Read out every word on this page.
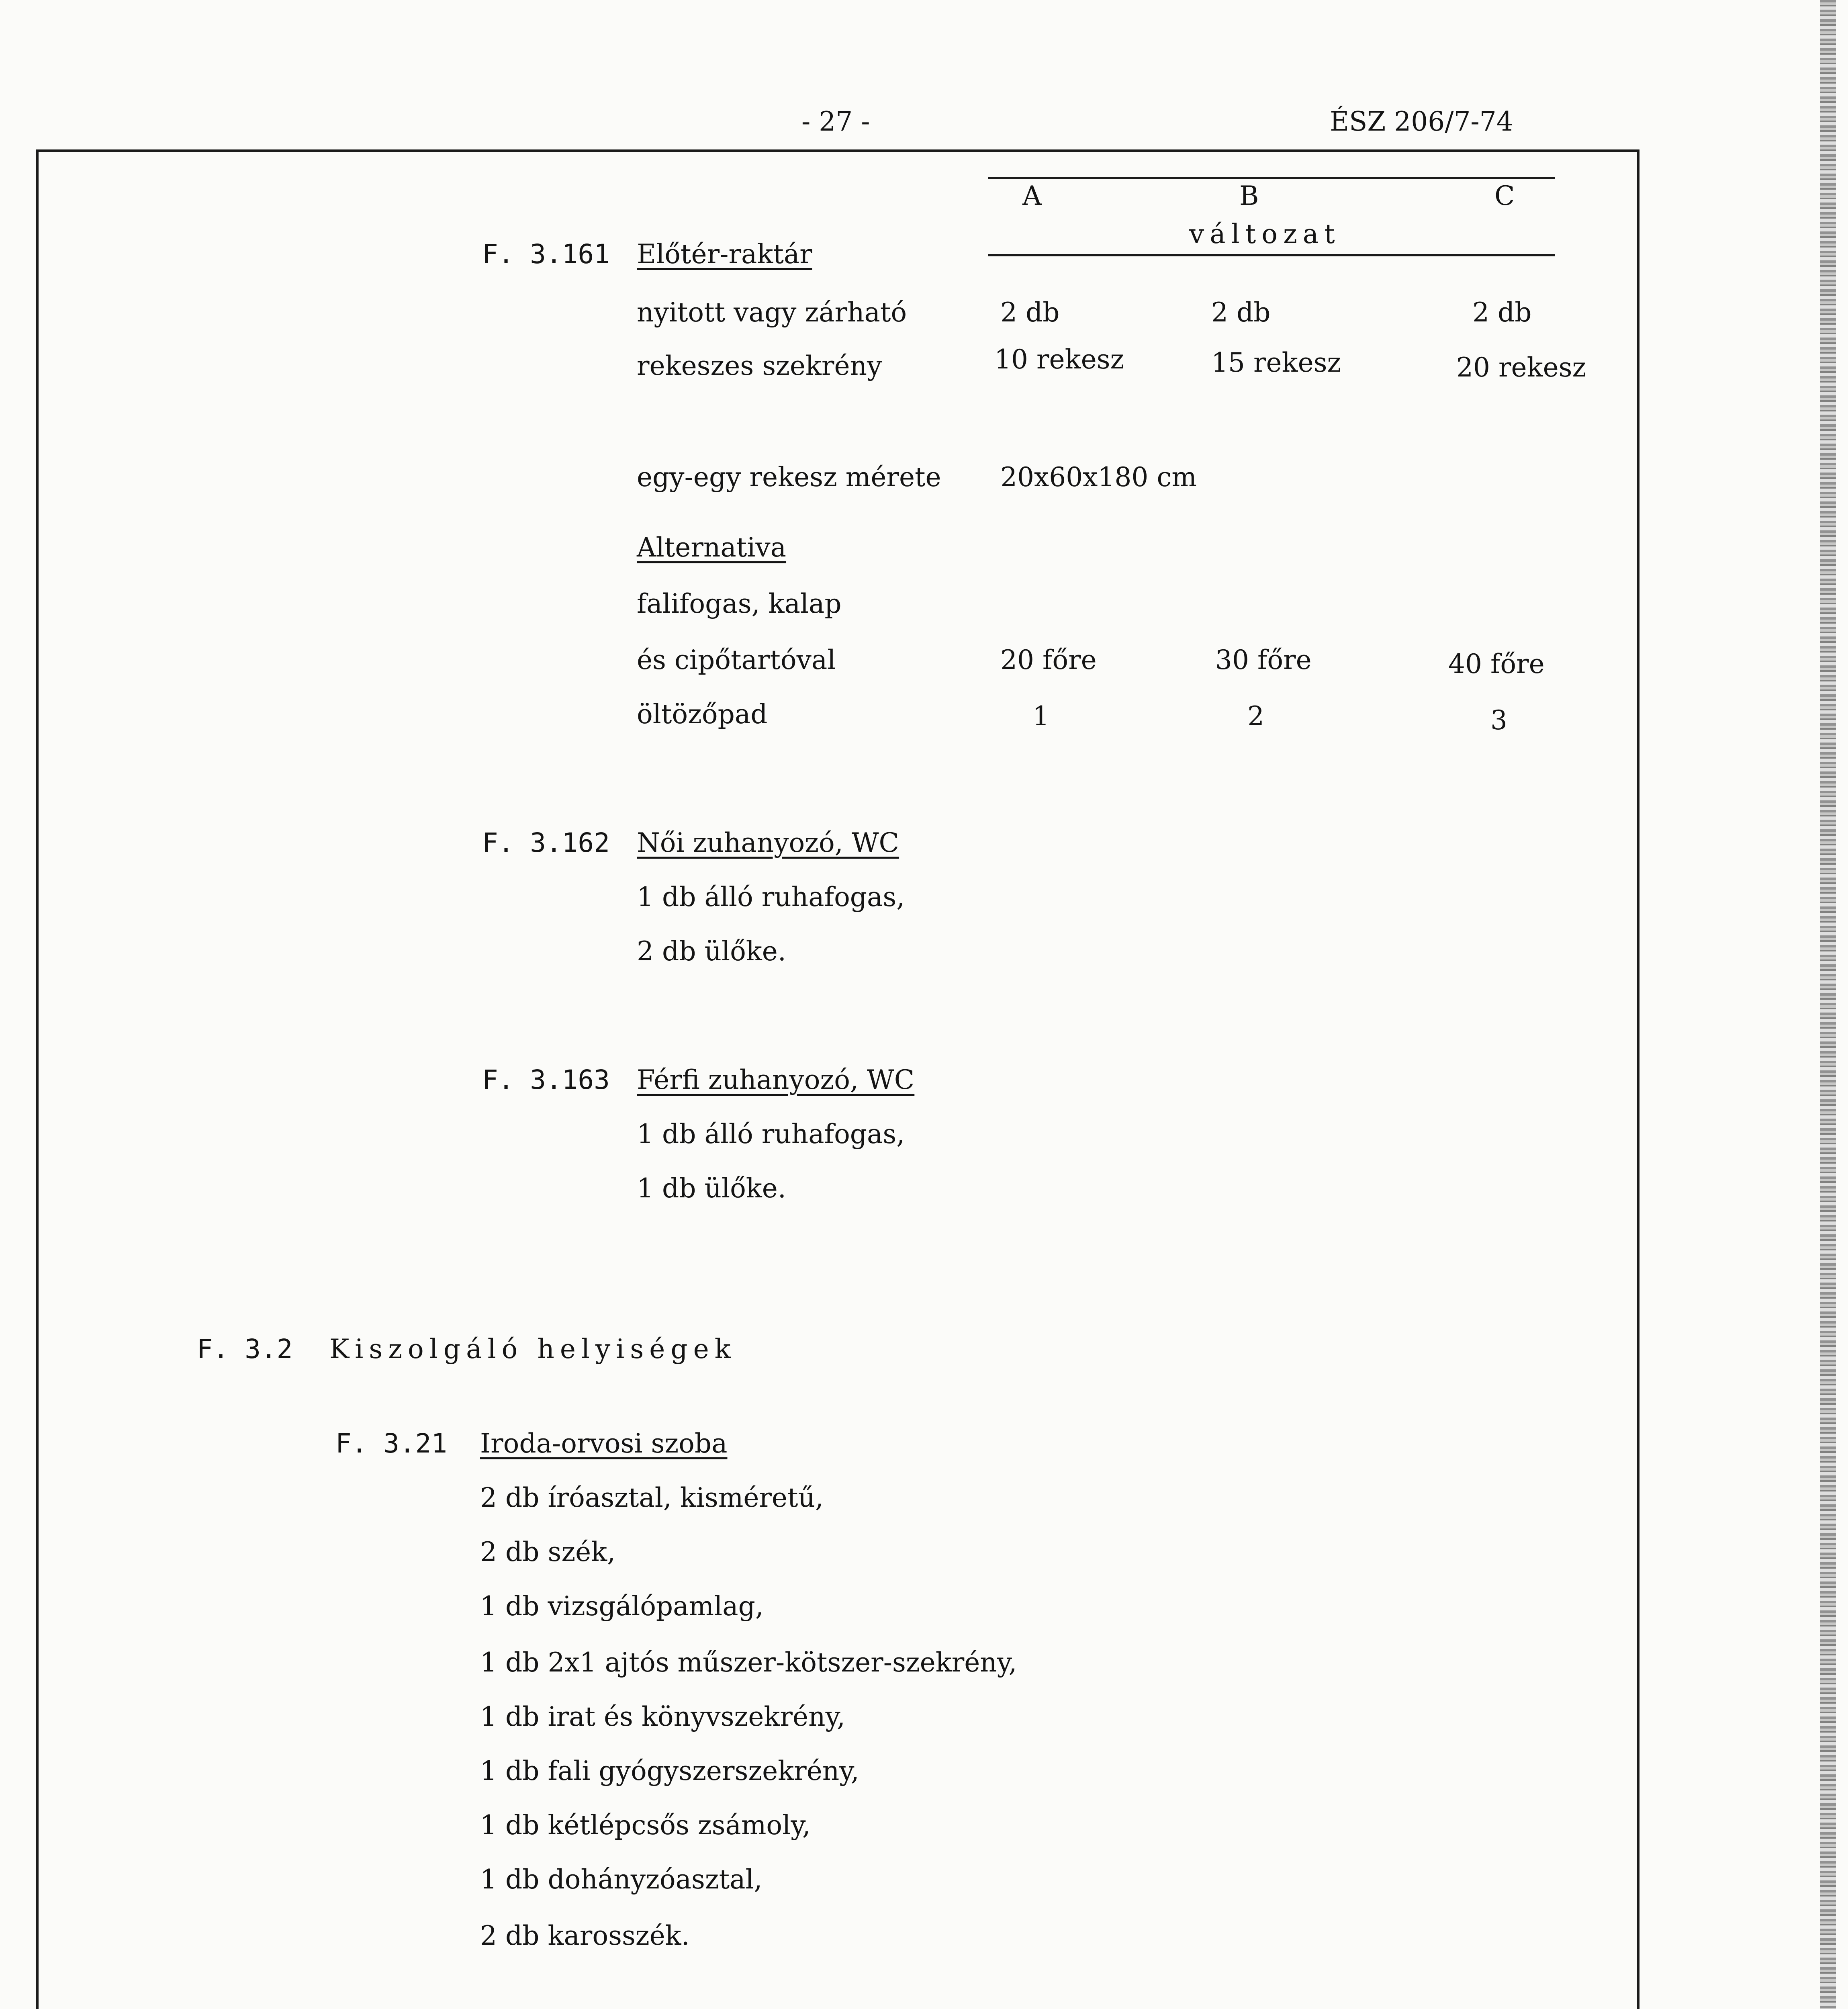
- 27 -	ÉSZ 206/7-74
A	B	C
változat
F. 3.161 Előtér-raktár
nyitott vagy zárható	2 db	2 db	2 db
rekeszes szekrény	10 rekesz	15 rekesz	20 rekesz
egy-egy rekesz mérete 20x60x180 cm
Alternativa
falifogas, kalap
és cipőtartóval	20 főre	30 főre	40 főre
öltözőpad	1	2	3
F. 3.162 Női zuhanyozó, WC
1 db álló ruhafogas,
2 db ülőke.
F. 3.163 Férfi zuhanyozó, WC
1 db álló ruhafogas,
1 db ülőke.
F. 3.2 Kiszolgáló helyiségek
F. 3.21 Iroda-orvosi szoba
2 db íróasztal, kisméretű,
2 db szék,
1 db vizsgálópamlag,
1 db 2x1 ajtós műszer-kötszer-szekrény,
1 db irat és könyvszekrény,
1 db fali gyógyszerszekrény,
1 db kétlépcsős zsámoly,
1 db dohányzóasztal,
2 db karosszék.
